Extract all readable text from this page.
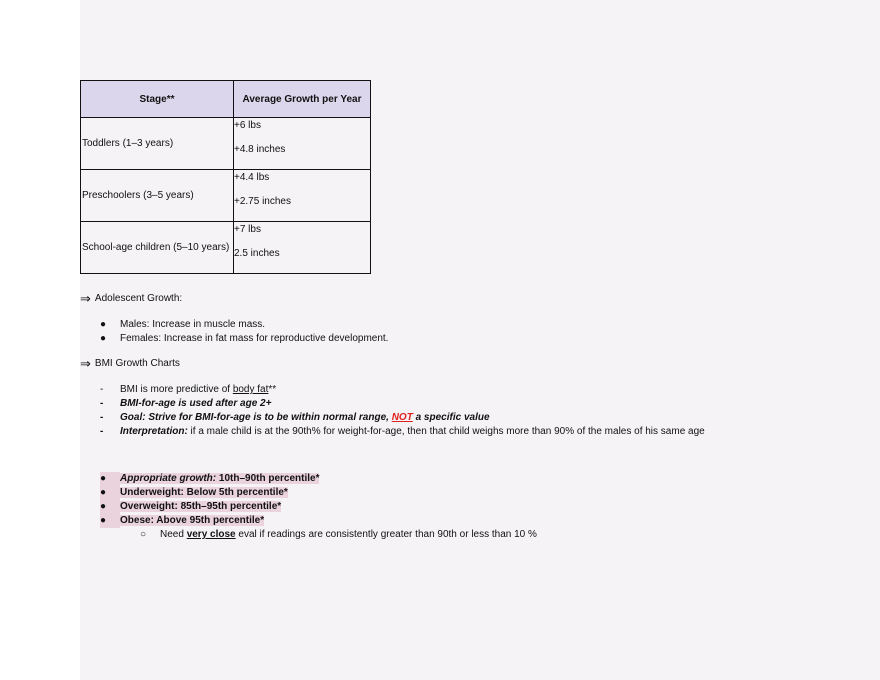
Stage**	Average Growth per Year
Toddlers (1–3 years)	+6 lbs
+4.8 inches

Preschoolers (3–5 years)	+4.4 lbs
+2.75 inches

School-age children (5–10 years)	+7 lbs
2.5 inches
⇒ Adolescent Growth:
● Males: Increase in muscle mass.
● Females: Increase in fat mass for reproductive development.
⇒ BMI Growth Charts
- BMI is more predictive of body fat**
- BMI-for-age is used after age 2+
- Goal: Strive for BMI-for-age is to be within normal range, NOT a specific value
- Interpretation: if a male child is at the 90th% for weight-for-age, then that child weighs more than 90% of the males of his same age
● Appropriate growth: 10th–90th percentile*
● Underweight: Below 5th percentile*
● Overweight: 85th–95th percentile*
● Obese: Above 95th percentile*
○ Need very close eval if readings are consistently greater than 90th or less than 10 %
